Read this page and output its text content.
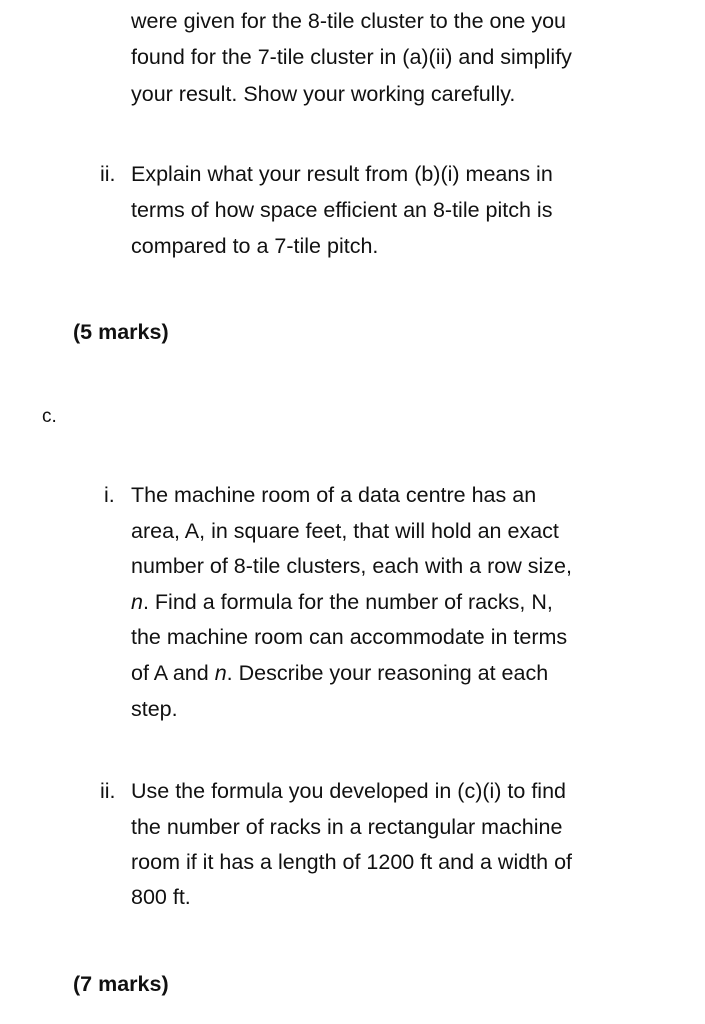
were given for the 8-tile cluster to the one you
found for the 7-tile cluster in (a)(ii) and simplify
your result. Show your working carefully.
ii. Explain what your result from (b)(i) means in
terms of how space efficient an 8-tile pitch is
compared to a 7-tile pitch.
(5 marks)
c.
i. The machine room of a data centre has an
area, A, in square feet, that will hold an exact
number of 8-tile clusters, each with a row size,
n. Find a formula for the number of racks, N,
the machine room can accommodate in terms
of A and n. Describe your reasoning at each
step.
ii. Use the formula you developed in (c)(i) to find
the number of racks in a rectangular machine
room if it has a length of 1200 ft and a width of
800 ft.
(7 marks)
